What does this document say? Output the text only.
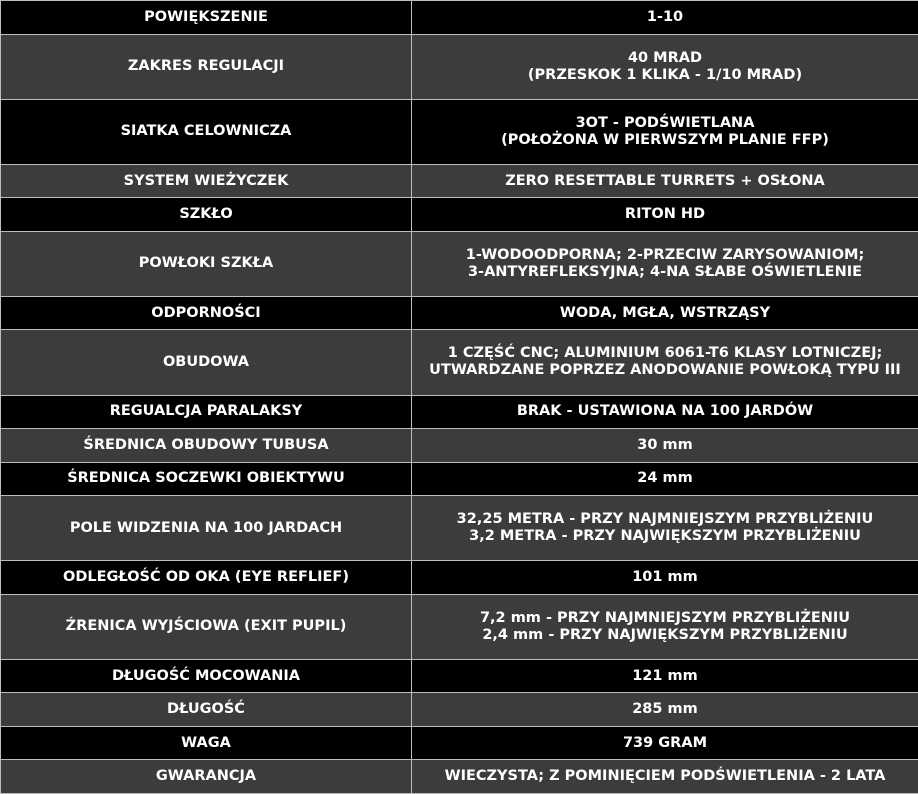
POWIĘKSZENIE	1-10

ZAKRES REGULACJI	40 MRAD
(PRZESKOK 1 KLIKA - 1/10 MRAD)

SIATKA CELOWNICZA	3OT - PODŚWIETLANA
(POŁOŻONA W PIERWSZYM PLANIE FFP)

SYSTEM WIEŻYCZEK	ZERO RESETTABLE TURRETS + OSŁONA

SZKŁO	RITON HD

POWŁOKI SZKŁA	1-WODOODPORNA; 2-PRZECIW ZARYSOWANIOM;
3-ANTYREFLEKSYJNA; 4-NA SŁABE OŚWIETLENIE

ODPORNOŚCI	WODA, MGŁA, WSTRZĄSY

OBUDOWA	1 CZĘŚĆ CNC; ALUMINIUM 6061-T6 KLASY LOTNICZEJ;
UTWARDZANE POPRZEZ ANODOWANIE POWŁOKĄ TYPU III

REGUALCJA PARALAKSY	BRAK - USTAWIONA NA 100 JARDÓW

ŚREDNICA OBUDOWY TUBUSA	30 mm

ŚREDNICA SOCZEWKI OBIEKTYWU	24 mm

POLE WIDZENIA NA 100 JARDACH	32,25 METRA - PRZY NAJMNIEJSZYM PRZYBLIŻENIU
3,2 METRA - PRZY NAJWIĘKSZYM PRZYBLIŻENIU

ODLEGŁOŚĆ OD OKA (EYE REFLIEF)	101 mm

ŹRENICA WYJŚCIOWA (EXIT PUPIL)	7,2 mm - PRZY NAJMNIEJSZYM PRZYBLIŻENIU
2,4 mm - PRZY NAJWIĘKSZYM PRZYBLIŻENIU

DŁUGOŚĆ MOCOWANIA	121 mm

DŁUGOŚĆ	285 mm

WAGA	739 GRAM

GWARANCJA	WIECZYSTA; Z POMINIĘCIEM PODŚWIETLENIA - 2 LATA
